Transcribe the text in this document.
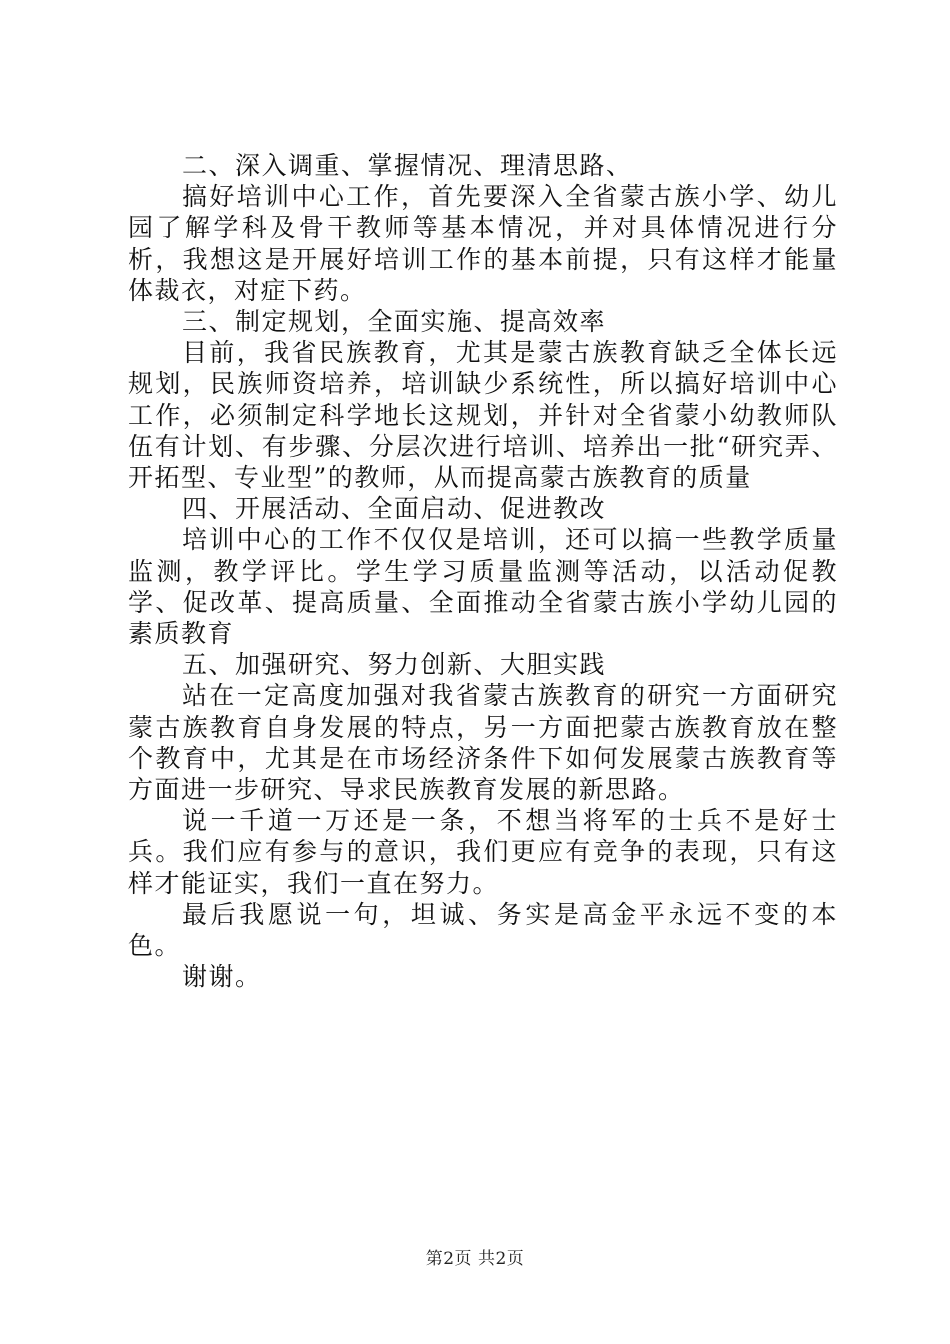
二、深入调重、掌握情况、理清思路、

搞好培训中心工作，首先要深入全省蒙古族小学、幼儿园了解学科及骨干教师等基本情况，并对具体情况进行分析，我想这是开展好培训工作的基本前提，只有这样才能量体裁衣，对症下药。

三、制定规划，全面实施、提高效率

目前，我省民族教育，尤其是蒙古族教育缺乏全体长远规划，民族师资培养，培训缺少系统性，所以搞好培训中心工作，必须制定科学地长这规划，并针对全省蒙小幼教师队伍有计划、有步骤、分层次进行培训、培养出一批“研究弄、开拓型、专业型”的教师，从而提高蒙古族教育的质量

四、开展活动、全面启动、促进教改

培训中心的工作不仅仅是培训，还可以搞一些教学质量监测，教学评比。学生学习质量监测等活动，以活动促教学、促改革、提高质量、全面推动全省蒙古族小学幼儿园的素质教育

五、加强研究、努力创新、大胆实践

站在一定高度加强对我省蒙古族教育的研究一方面研究蒙古族教育自身发展的特点，另一方面把蒙古族教育放在整个教育中，尤其是在市场经济条件下如何发展蒙古族教育等方面进一步研究、导求民族教育发展的新思路。

说一千道一万还是一条，不想当将军的士兵不是好士兵。我们应有参与的意识，我们更应有竞争的表现，只有这样才能证实，我们一直在努力。

最后我愿说一句，坦诚、务实是高金平永远不变的本色。

谢谢。

第2页 共2页
